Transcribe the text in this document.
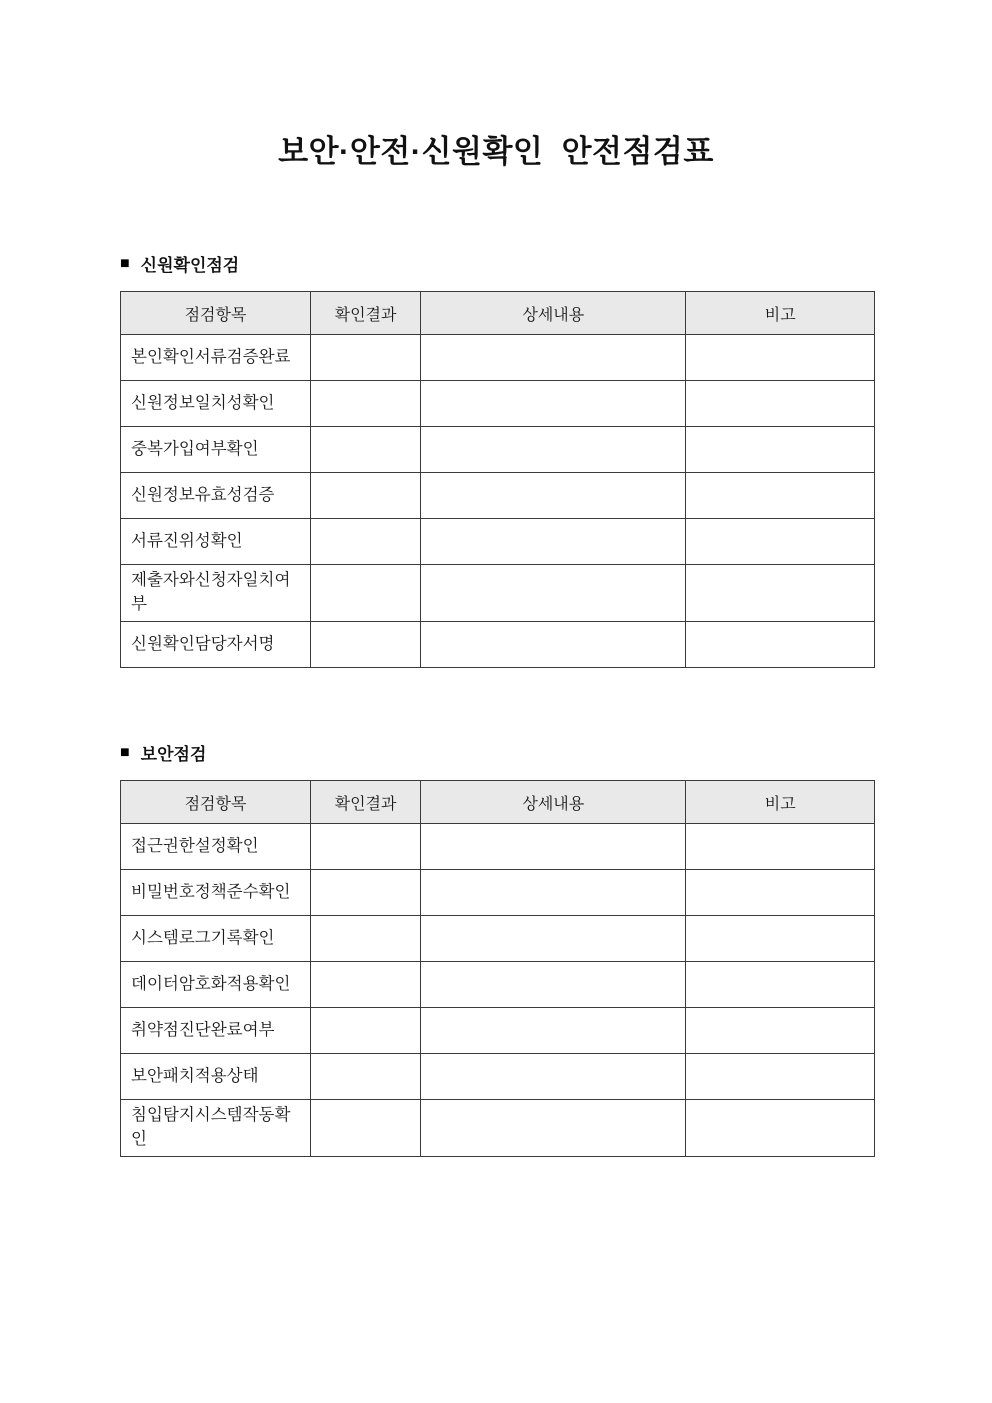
보안·안전·신원확인  안전점검표
■ 신원확인점검
점검항목	확인결과	상세내용	비고
본인확인서류검증완료			
신원정보일치성확인			
중복가입여부확인			
신원정보유효성검증			
서류진위성확인			
제출자와신청자일치여부			
신원확인담당자서명			
■ 보안점검
점검항목	확인결과	상세내용	비고
접근권한설정확인			
비밀번호정책준수확인			
시스템로그기록확인			
데이터암호화적용확인			
취약점진단완료여부			
보안패치적용상태			
침입탐지시스템작동확인			
